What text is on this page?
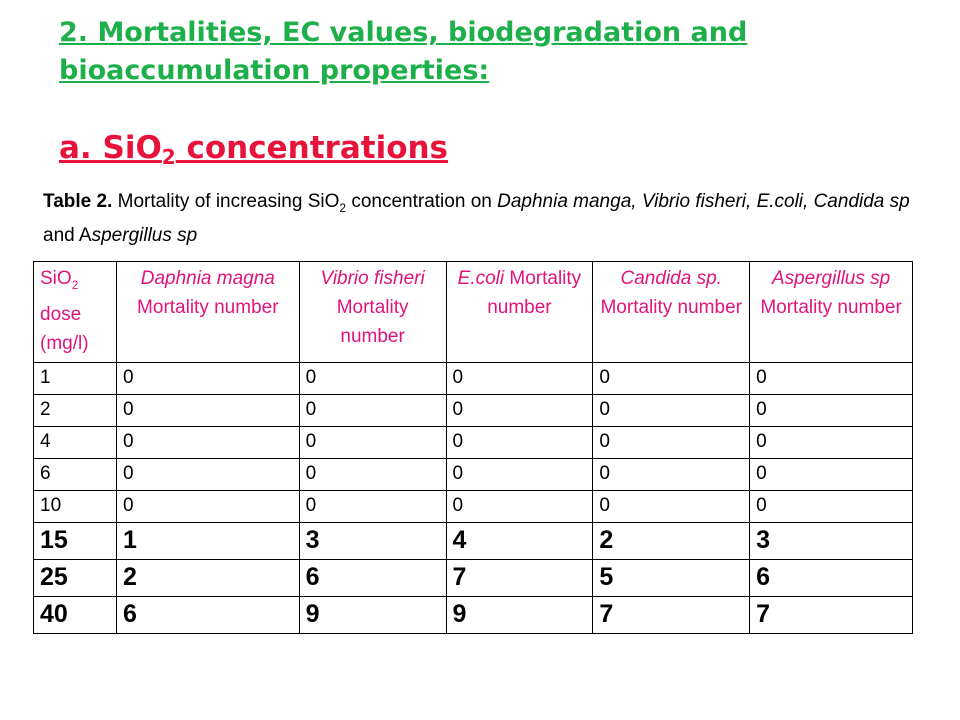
2. Mortalities, EC values, biodegradation and
bioaccumulation properties:
a. SiO$_2$ concentrations
Table 2. Mortality of increasing SiO$_2$ concentration on Daphnia manga, Vibrio fisheri, E.coli, Candida sp and Aspergillus sp
SiO$_2$ dose (mg/l)	Daphnia magna Mortality number	Vibrio fisheri Mortality number	E.coli Mortality number	Candida sp. Mortality number	Aspergillus sp Mortality number
1	0	0	0	0	0
2	0	0	0	0	0
4	0	0	0	0	0
6	0	0	0	0	0
10	0	0	0	0	0
15	1	3	4	2	3
25	2	6	7	5	6
40	6	9	9	7	7
